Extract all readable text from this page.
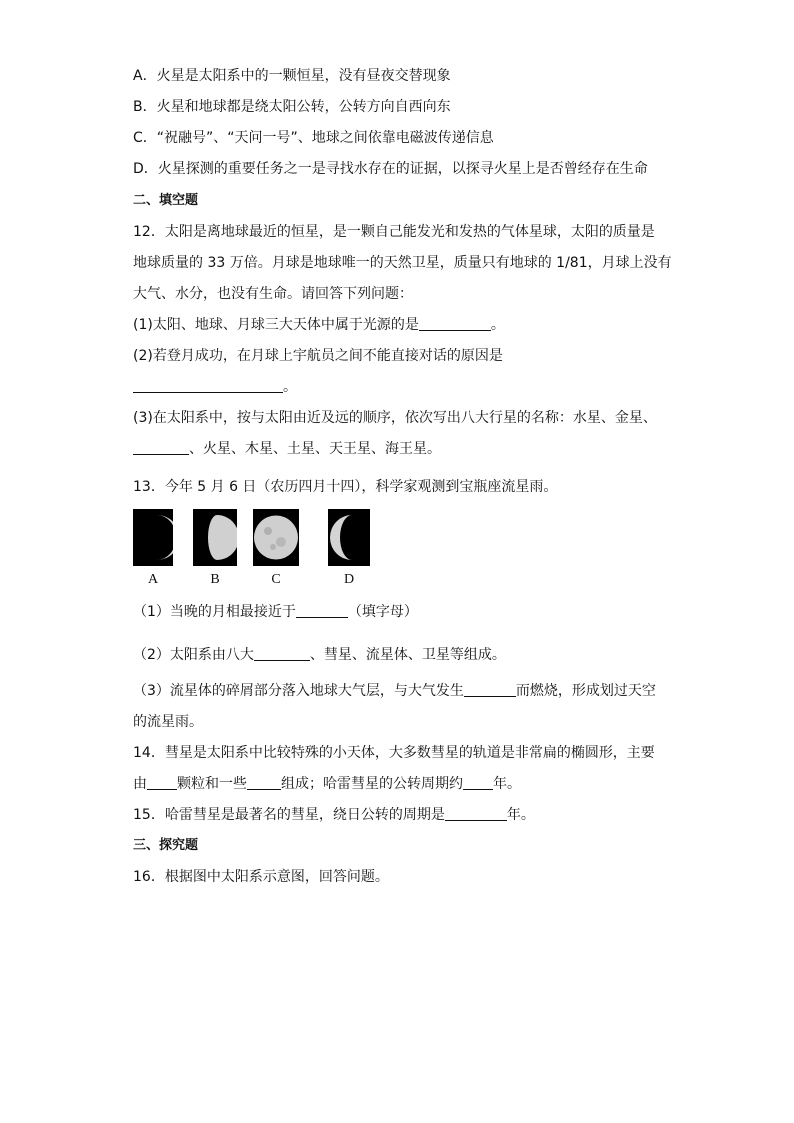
A．火星是太阳系中的一颗恒星，没有昼夜交替现象
B．火星和地球都是绕太阳公转，公转方向自西向东
C．“祝融号”、“天问一号”、地球之间依靠电磁波传递信息
D．火星探测的重要任务之一是寻找水存在的证据，以探寻火星上是否曾经存在生命
二、填空题
12．太阳是离地球最近的恒星，是一颗自己能发光和发热的气体星球，太阳的质量是
地球质量的 33 万倍。月球是地球唯一的天然卫星，质量只有地球的 1/81，月球上没有
大气、水分，也没有生命。请回答下列问题：
(1)太阳、地球、月球三大天体中属于光源的是	。
(2)若登月成功，在月球上宇航员之间不能直接对话的原因是
。
(3)在太阳系中，按与太阳由近及远的顺序，依次写出八大行星的名称：水星、金星、
、火星、木星、土星、天王星、海王星。
13．今年 5 月 6 日（农历四月十四），科学家观测到宝瓶座流星雨。
A	B	C	D
（1）当晚的月相最接近于	（填字母）
（2）太阳系由八大	、彗星、流星体、卫星等组成。
（3）流星体的碎屑部分落入地球大气层，与大气发生	而燃烧，形成划过天空
的流星雨。
14．彗星是太阳系中比较特殊的小天体，大多数彗星的轨道是非常扁的椭圆形，主要
由 颗粒和一些 组成；哈雷彗星的公转周期约 年。
15．哈雷彗星是最著名的彗星，绕日公转的周期是	年。
三、探究题
16．根据图中太阳系示意图，回答问题。
